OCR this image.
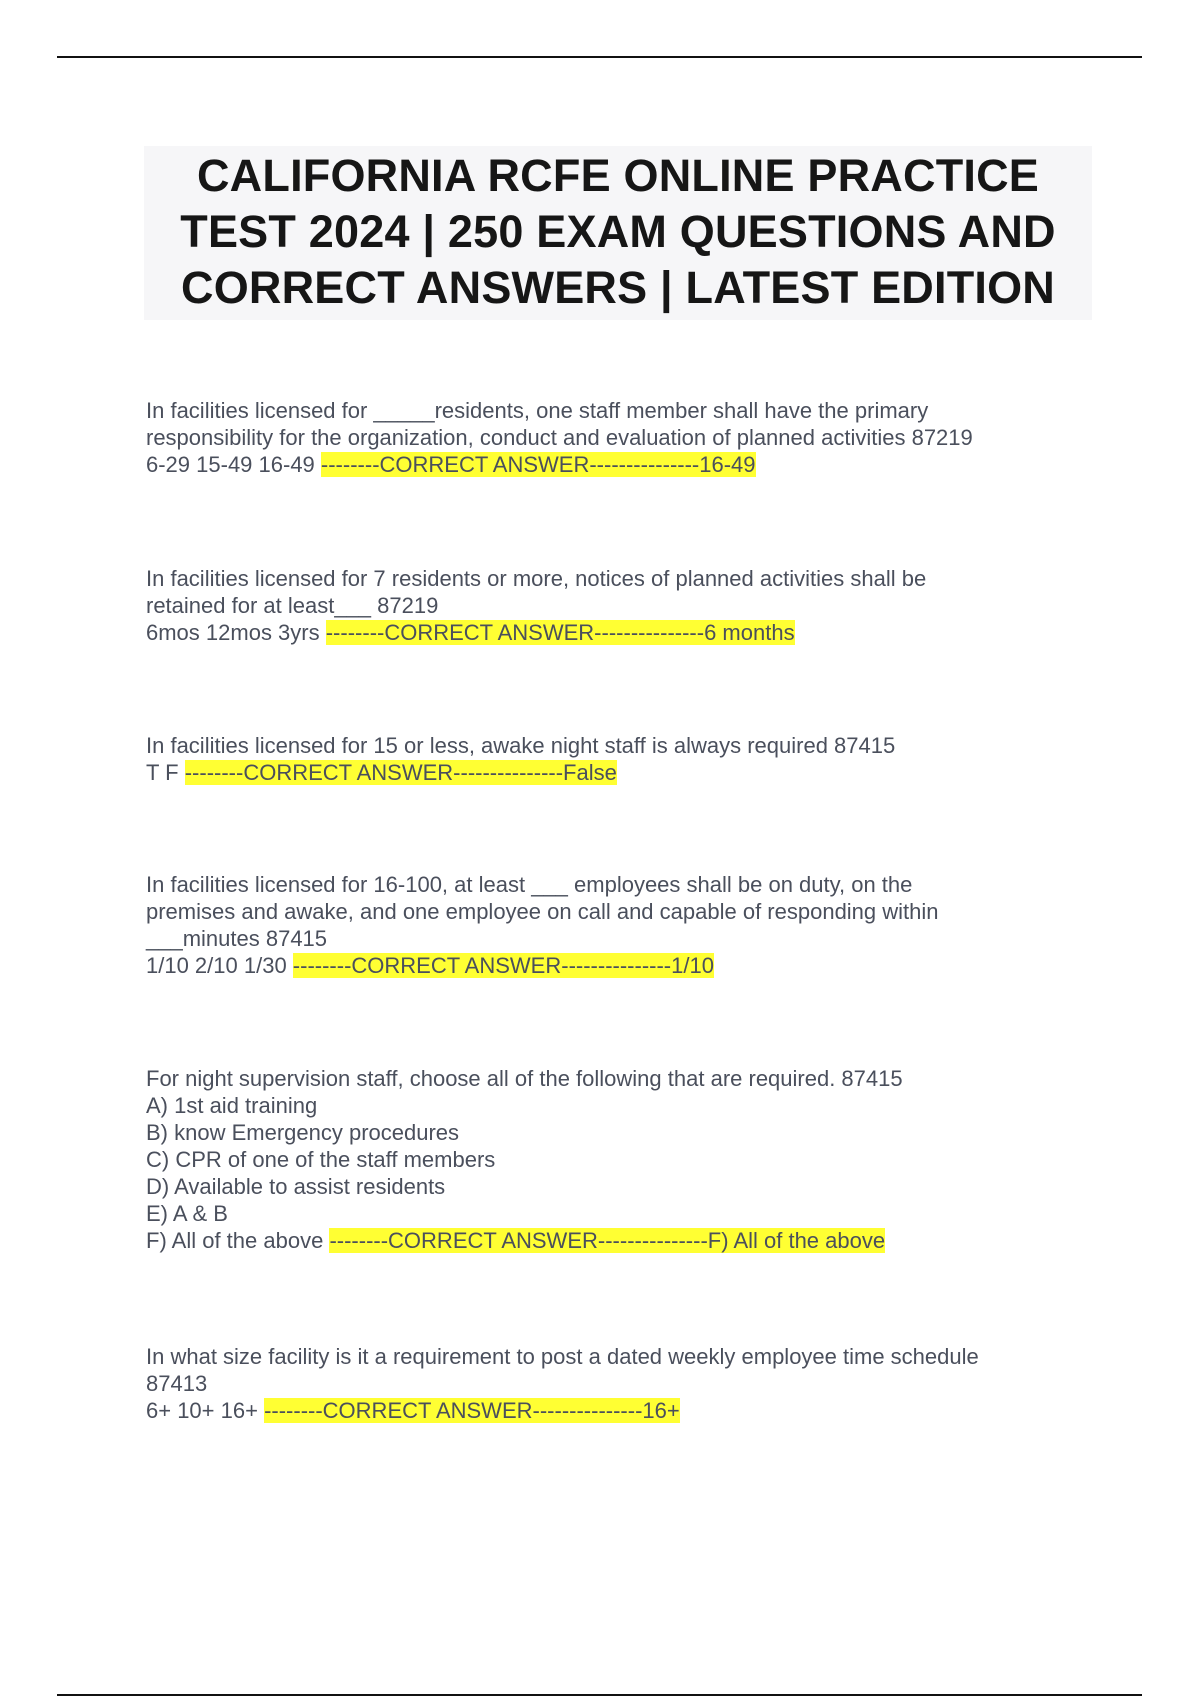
CALIFORNIA RCFE ONLINE PRACTICE
TEST 2024 | 250 EXAM QUESTIONS AND
CORRECT ANSWERS | LATEST EDITION
In facilities licensed for _____residents, one staff member shall have the primary
responsibility for the organization, conduct and evaluation of planned activities 87219
6-29 15-49 16-49 --------CORRECT ANSWER---------------16-49
In facilities licensed for 7 residents or more, notices of planned activities shall be
retained for at least___ 87219
6mos 12mos 3yrs --------CORRECT ANSWER---------------6 months
In facilities licensed for 15 or less, awake night staff is always required 87415
T F --------CORRECT ANSWER---------------False
In facilities licensed for 16-100, at least ___ employees shall be on duty, on the
premises and awake, and one employee on call and capable of responding within
___minutes 87415
1/10 2/10 1/30 --------CORRECT ANSWER---------------1/10
For night supervision staff, choose all of the following that are required. 87415
A) 1st aid training
B) know Emergency procedures
C) CPR of one of the staff members
D) Available to assist residents
E) A & B
F) All of the above --------CORRECT ANSWER---------------F) All of the above
In what size facility is it a requirement to post a dated weekly employee time schedule
87413
6+ 10+ 16+ --------CORRECT ANSWER---------------16+
